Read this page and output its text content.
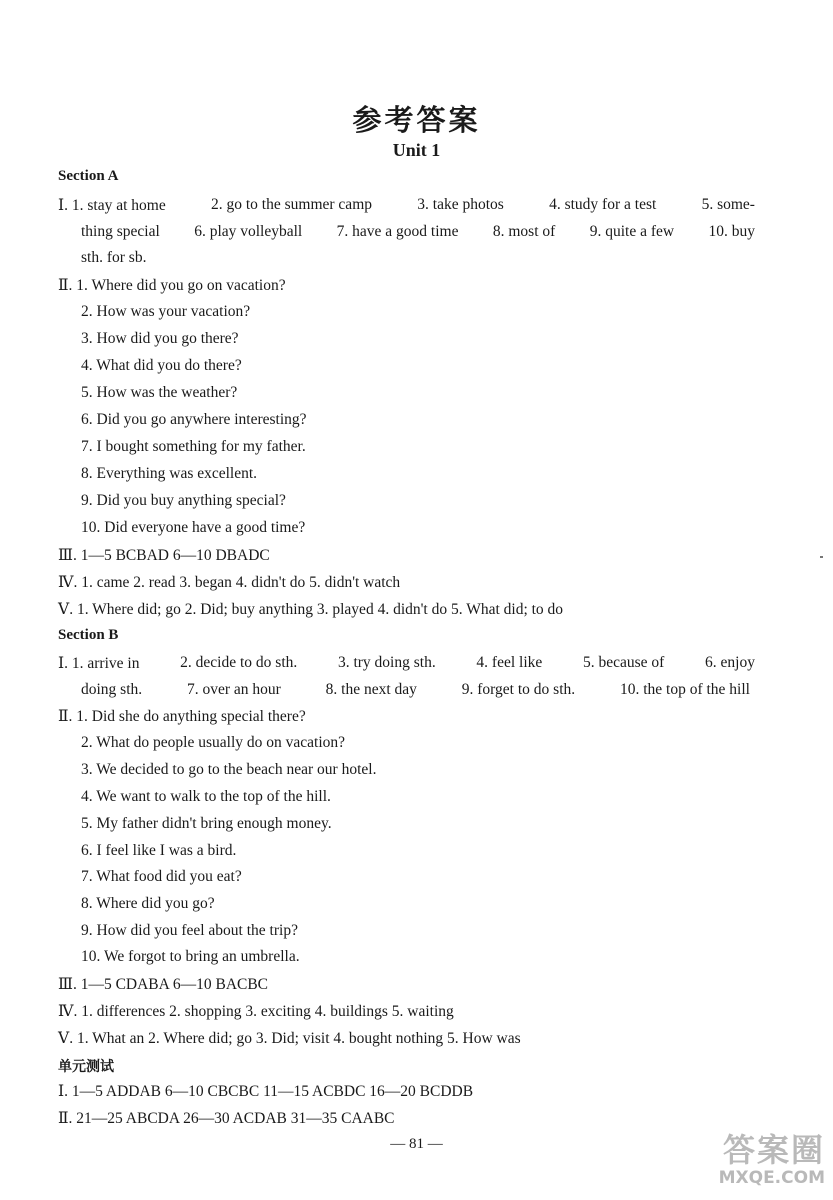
参考答案
Unit 1
Section A
Ⅰ. 1. stay at home	2. go to the summer camp	3. take photos	4. study for a test	5. some-
thing special 6. play volleyball 7. have a good time 8. most of 9. quite a few 10. buy
sth. for sb.
Ⅱ. 1. Where did you go on vacation?
2. How was your vacation?
3. How did you go there?
4. What did you do there?
5. How was the weather?
6. Did you go anywhere interesting?
7. I bought something for my father.
8. Everything was excellent.
9. Did you buy anything special?
10. Did everyone have a good time?
Ⅲ. 1—5 BCBAD 6—10 DBADC
Ⅳ. 1. came 2. read 3. began 4. didn't do 5. didn't watch
Ⅴ. 1. Where did; go 2. Did; buy anything 3. played 4. didn't do 5. What did; to do
Section B
Ⅰ. 1. arrive in	2. decide to do sth.	3. try doing sth.	4. feel like	5. because of	6. enjoy
doing sth.	7. over an hour	8. the next day	9. forget to do sth.	10. the top of the hill
Ⅱ. 1. Did she do anything special there?
2. What do people usually do on vacation?
3. We decided to go to the beach near our hotel.
4. We want to walk to the top of the hill.
5. My father didn't bring enough money.
6. I feel like I was a bird.
7. What food did you eat?
8. Where did you go?
9. How did you feel about the trip?
10. We forgot to bring an umbrella.
Ⅲ. 1—5 CDABA 6—10 BACBC
Ⅳ. 1. differences 2. shopping 3. exciting 4. buildings 5. waiting
Ⅴ. 1. What an 2. Where did; go 3. Did; visit 4. bought nothing 5. How was
单元测试
Ⅰ. 1—5 ADDAB 6—10 CBCBC 11—15 ACBDC 16—20 BCDDB
Ⅱ. 21—25 ABCDA 26—30 ACDAB 31—35 CAABC
— 81 —	答案圈
MXQE.COM
